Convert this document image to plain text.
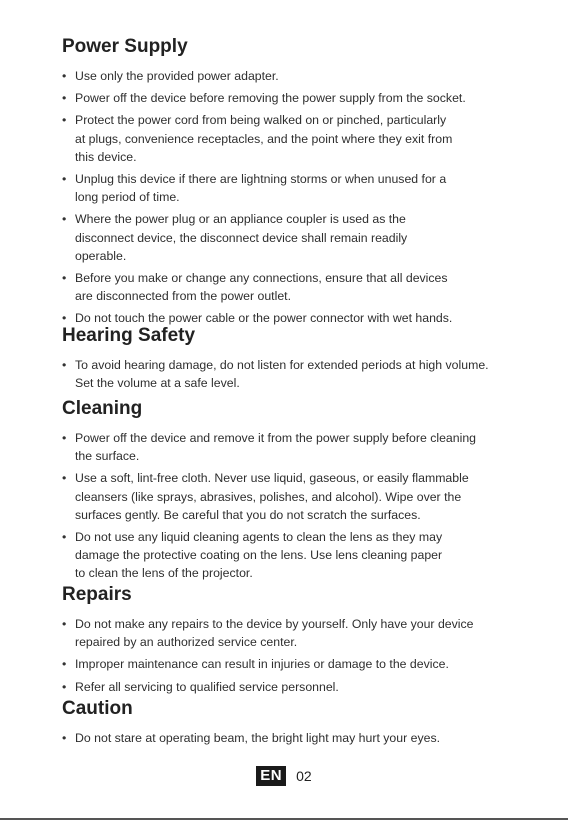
Power Supply
• Use only the provided power adapter.
• Power off the device before removing the power supply from the socket.
• Protect the power cord from being walked on or pinched, particularly
at plugs, convenience receptacles, and the point where they exit from
this device.
• Unplug this device if there are lightning storms or when unused for a
long period of time.
• Where the power plug or an appliance coupler is used as the
disconnect device, the disconnect device shall remain readily
operable.
• Before you make or change any connections, ensure that all devices
are disconnected from the power outlet.
• Do not touch the power cable or the power connector with wet hands.
Hearing Safety
• To avoid hearing damage, do not listen for extended periods at high volume.
Set the volume at a safe level.
Cleaning
• Power off the device and remove it from the power supply before cleaning
the surface.
• Use a soft, lint-free cloth. Never use liquid, gaseous, or easily flammable
cleansers (like sprays, abrasives, polishes, and alcohol). Wipe over the
surfaces gently. Be careful that you do not scratch the surfaces.
• Do not use any liquid cleaning agents to clean the lens as they may
damage the protective coating on the lens. Use lens cleaning paper
to clean the lens of the projector.
Repairs
• Do not make any repairs to the device by yourself. Only have your device
repaired by an authorized service center.
• Improper maintenance can result in injuries or damage to the device.
• Refer all servicing to qualified service personnel.
Caution
• Do not stare at operating beam, the bright light may hurt your eyes.
EN 02
